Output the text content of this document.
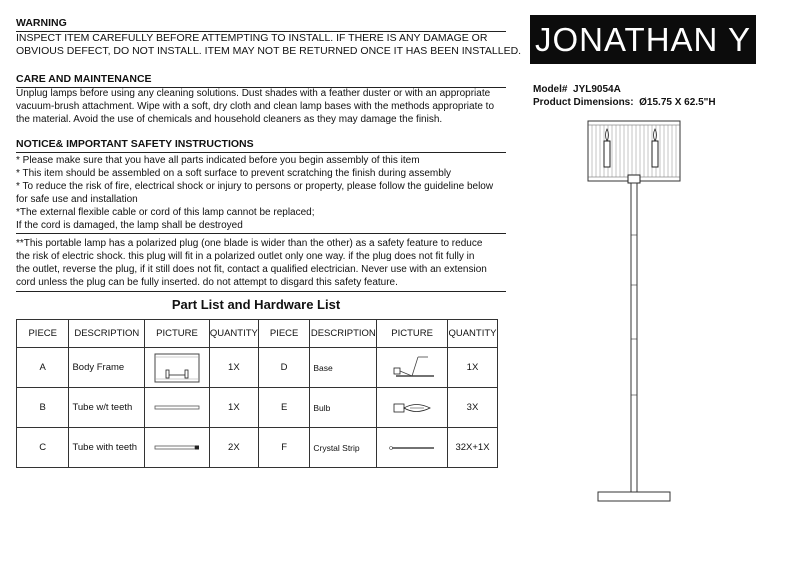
WARNING
INSPECT ITEM CAREFULLY BEFORE ATTEMPTING TO INSTALL. IF THERE IS ANY DAMAGE OR
OBVIOUS DEFECT, DO NOT INSTALL. ITEM MAY NOT BE RETURNED ONCE IT HAS BEEN INSTALLED.
CARE AND MAINTENANCE
Unplug lamps before using any cleaning solutions. Dust shades with a feather duster or with an appropriate
vacuum-brush attachment. Wipe with a soft, dry cloth and clean lamp bases with the methods appropriate to
the material. Avoid the use of chemicals and household cleaners as they may damage the finish.
NOTICE& IMPORTANT SAFETY INSTRUCTIONS
* Please make sure that you have all parts indicated before you begin assembly of this item
* This item should be assembled on a soft surface to prevent scratching the finish during assembly
* To reduce the risk of fire, electrical shock or injury to persons or property, please follow the guideline below
for safe use and installation
*The external flexible cable or cord of this lamp cannot be replaced;
If the cord is damaged, the lamp shall be destroyed
**This portable lamp has a polarized plug (one blade is wider than the other) as a safety feature to reduce
the risk of electric shock. this plug will fit in a polarized outlet only one way. if the plug does not fit fully in
the outlet, reverse the plug, if it still does not fit, contact a qualified electrician. Never use with an extension
cord unless the plug can be fully inserted. do not attempt to disgard this safety feature.
JONATHAN Y
Model# JYL9054A
Product Dimensions: Ø15.75 X 62.5"H
Part List and Hardware List
PIECE	DESCRIPTION	PICTURE	QUANTITY	PIECE	DESCRIPTION	PICTURE	QUANTITY
A	Body Frame		1X	D	Base		1X
B	Tube w/t teeth		1X	E	Bulb		3X
C	Tube with teeth		2X	F	Crystal Strip		32X+1X
